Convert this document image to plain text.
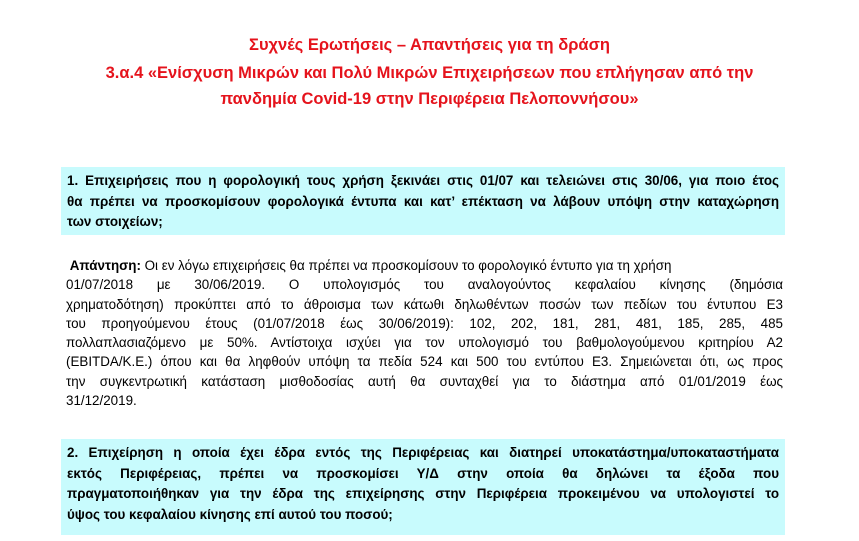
Συχνές Ερωτήσεις – Απαντήσεις για τη δράση
3.α.4 «Ενίσχυση Μικρών και Πολύ Μικρών Επιχειρήσεων που επλήγησαν από την
πανδημία Covid-19 στην Περιφέρεια Πελοποννήσου»
1. Επιχειρήσεις που η φορολογική τους χρήση ξεκινάει στις 01/07 και τελειώνει στις 30/06, για ποιο έτος
θα πρέπει να προσκομίσουν φορολογικά έντυπα και κατ’ επέκταση να λάβουν υπόψη στην καταχώρηση
των στοιχείων;
Απάντηση: Οι εν λόγω επιχειρήσεις θα πρέπει να προσκομίσουν το φορολογικό έντυπο για τη χρήση
01/07/2018 με 30/06/2019. Ο υπολογισμός του αναλογούντος κεφαλαίου κίνησης (δημόσια
χρηματοδότηση) προκύπτει από το άθροισμα των κάτωθι δηλωθέντων ποσών των πεδίων του έντυπου Ε3
του προηγούμενου έτους (01/07/2018 έως 30/06/2019): 102, 202, 181, 281, 481, 185, 285, 485
πολλαπλασιαζόμενο με 50%. Αντίστοιχα ισχύει για τον υπολογισμό του βαθμολογούμενου κριτηρίου Α2
(EBITDA/Κ.Ε.) όπου και θα ληφθούν υπόψη τα πεδία 524 και 500 του εντύπου Ε3. Σημειώνεται ότι, ως προς
την συγκεντρωτική κατάσταση μισθοδοσίας αυτή θα συνταχθεί για το διάστημα από 01/01/2019 έως
31/12/2019.
2. Επιχείρηση η οποία έχει έδρα εντός της Περιφέρειας και διατηρεί υποκατάστημα/υποκαταστήματα
εκτός Περιφέρειας, πρέπει να προσκομίσει Υ/Δ στην οποία θα δηλώνει τα έξοδα που
πραγματοποιήθηκαν για την έδρα της επιχείρησης στην Περιφέρεια προκειμένου να υπολογιστεί το
ύψος του κεφαλαίου κίνησης επί αυτού του ποσού;
